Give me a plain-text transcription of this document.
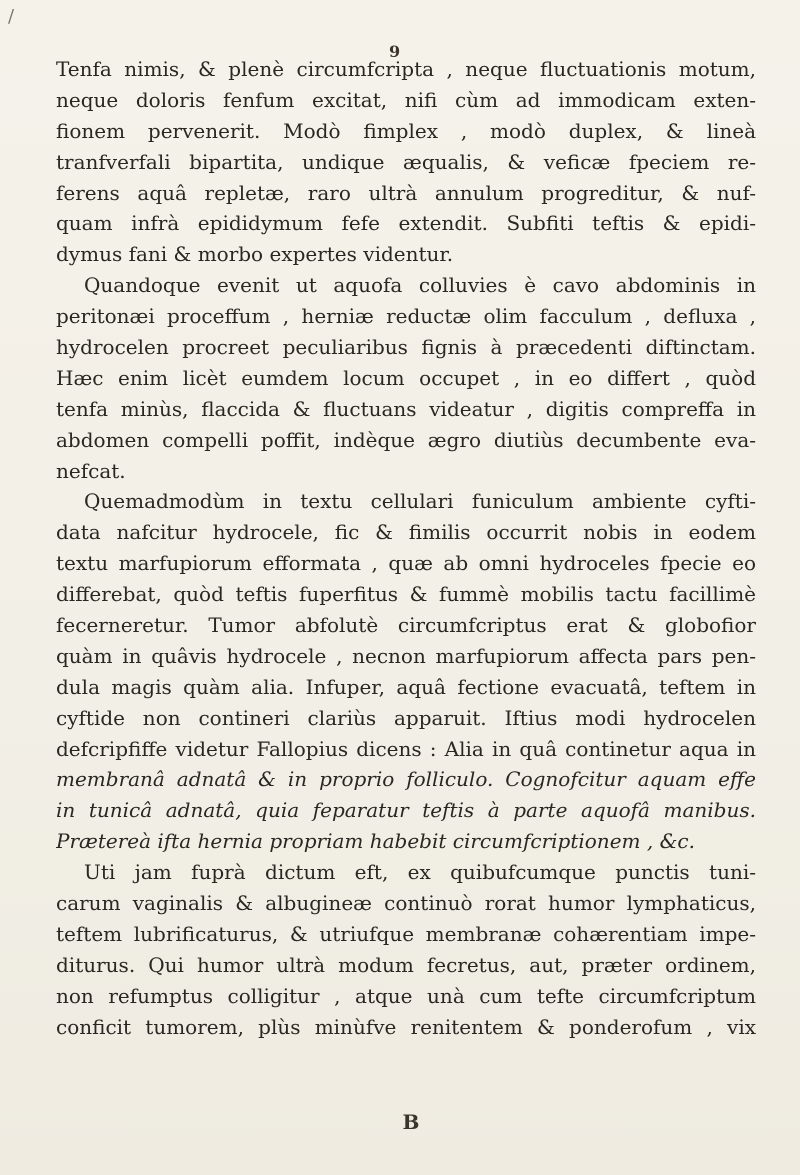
/
9
Tenfa nimis, & plenè circumfcripta , neque fluctuationis motum,
neque doloris fenfum excitat, nifi cùm ad immodicam exten-
fionem pervenerit. Modò fimplex , modò duplex, & lineà
tranfverfali bipartita, undique æqualis, & veficæ fpeciem re-
ferens aquâ repletæ, raro ultrà annulum progreditur, & nuf-
quam infrà epididymum fefe extendit. Subfiti teftis & epidi-
dymus fani & morbo expertes videntur.
Quandoque evenit ut aquofa colluvies è cavo abdominis in
peritonæi proceffum , herniæ reductæ olim facculum , defluxa ,
hydrocelen procreet peculiaribus fignis à præcedenti diftinctam.
Hæc enim licèt eumdem locum occupet , in eo differt , quòd
tenfa minùs, flaccida & fluctuans videatur , digitis compreffa in
abdomen compelli poffit, indèque ægro diutiùs decumbente eva-
nefcat.
Quemadmodùm in textu cellulari funiculum ambiente cyfti-
data nafcitur hydrocele, fic & fimilis occurrit nobis in eodem
textu marfupiorum efformata , quæ ab omni hydroceles fpecie eo
differebat, quòd teftis fuperfitus & fummè mobilis tactu facillimè
fecerneretur. Tumor abfolutè circumfcriptus erat & globofior
quàm in quâvis hydrocele , necnon marfupiorum affecta pars pen-
dula magis quàm alia. Infuper, aquâ fectione evacuatâ, teftem in
cyftide non contineri clariùs apparuit. Iftius modi hydrocelen
defcripfiffe videtur Fallopius dicens : Alia in quâ continetur aqua in
membranâ adnatâ & in proprio folliculo. Cognofcitur aquam effe
in tunicâ adnatâ, quia feparatur teftis à parte aquofâ manibus.
Prætereà ifta hernia propriam habebit circumfcriptionem , &c.
Uti jam fuprà dictum eft, ex quibufcumque punctis tuni-
carum vaginalis & albugineæ continuò rorat humor lymphaticus,
teftem lubrificaturus, & utriufque membranæ cohærentiam impe-
diturus. Qui humor ultrà modum fecretus, aut, præter ordinem,
non refumptus colligitur , atque unà cum tefte circumfcriptum
conficit tumorem, plùs minùfve renitentem & ponderofum , vix
B
